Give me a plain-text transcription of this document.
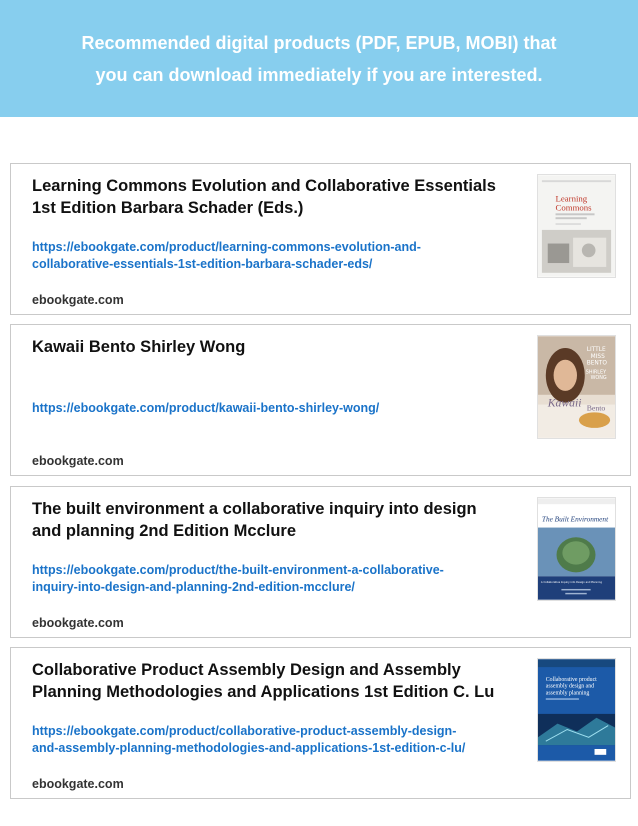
Recommended digital products (PDF, EPUB, MOBI) that
you can download immediately if you are interested.
Learning Commons Evolution and Collaborative Essentials
1st Edition Barbara Schader (Eds.)
https://ebookgate.com/product/learning-commons-evolution-and-
collaborative-essentials-1st-edition-barbara-schader-eds/
ebookgate.com
Learning
Commons
Kawaii Bento Shirley Wong
https://ebookgate.com/product/kawaii-bento-shirley-wong/
ebookgate.com
LITTLE
MISS
BENTO
SHIRLEY
WONG
Kawaii Bento
The built environment a collaborative inquiry into design
and planning 2nd Edition Mcclure
https://ebookgate.com/product/the-built-environment-a-collaborative-
inquiry-into-design-and-planning-2nd-edition-mcclure/
ebookgate.com
The Built Environment
A Collaborative Inquiry into Design and Planning
Collaborative Product Assembly Design and Assembly
Planning Methodologies and Applications 1st Edition C. Lu
https://ebookgate.com/product/collaborative-product-assembly-design-
and-assembly-planning-methodologies-and-applications-1st-edition-c-lu/
ebookgate.com
Collaborative product
assembly design and
assembly planning
